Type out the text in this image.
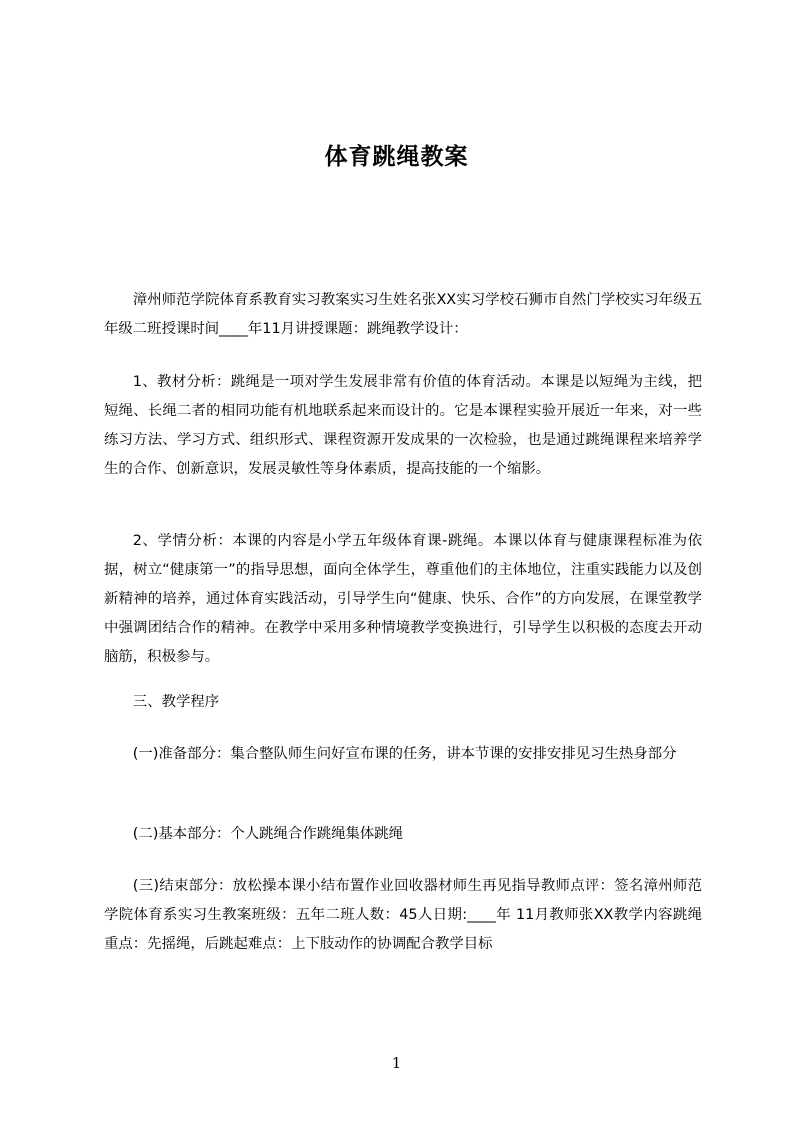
体育跳绳教案

漳州师范学院体育系教育实习教案实习生姓名张XX实习学校石狮市自然门学校实习年级五年级二班授课时间____年11月讲授课题：跳绳教学设计：

1、教材分析：跳绳是一项对学生发展非常有价值的体育活动。本课是以短绳为主线，把短绳、长绳二者的相同功能有机地联系起来而设计的。它是本课程实验开展近一年来，对一些练习方法、学习方式、组织形式、课程资源开发成果的一次检验，也是通过跳绳课程来培养学生的合作、创新意识，发展灵敏性等身体素质，提高技能的一个缩影。

2、学情分析：本课的内容是小学五年级体育课-跳绳。本课以体育与健康课程标准为依据，树立“健康第一”的指导思想，面向全体学生，尊重他们的主体地位，注重实践能力以及创新精神的培养，通过体育实践活动，引导学生向“健康、快乐、合作”的方向发展，在课堂教学中强调团结合作的精神。在教学中采用多种情境教学变换进行，引导学生以积极的态度去开动脑筋，积极参与。

三、教学程序

(一)准备部分：集合整队师生问好宣布课的任务，讲本节课的安排安排见习生热身部分

(二)基本部分：个人跳绳合作跳绳集体跳绳

(三)结束部分：放松操本课小结布置作业回收器材师生再见指导教师点评：签名漳州师范学院体育系实习生教案班级：五年二班人数：45人日期:____年 11月教师张XX教学内容跳绳重点：先摇绳，后跳起难点：上下肢动作的协调配合教学目标

1
